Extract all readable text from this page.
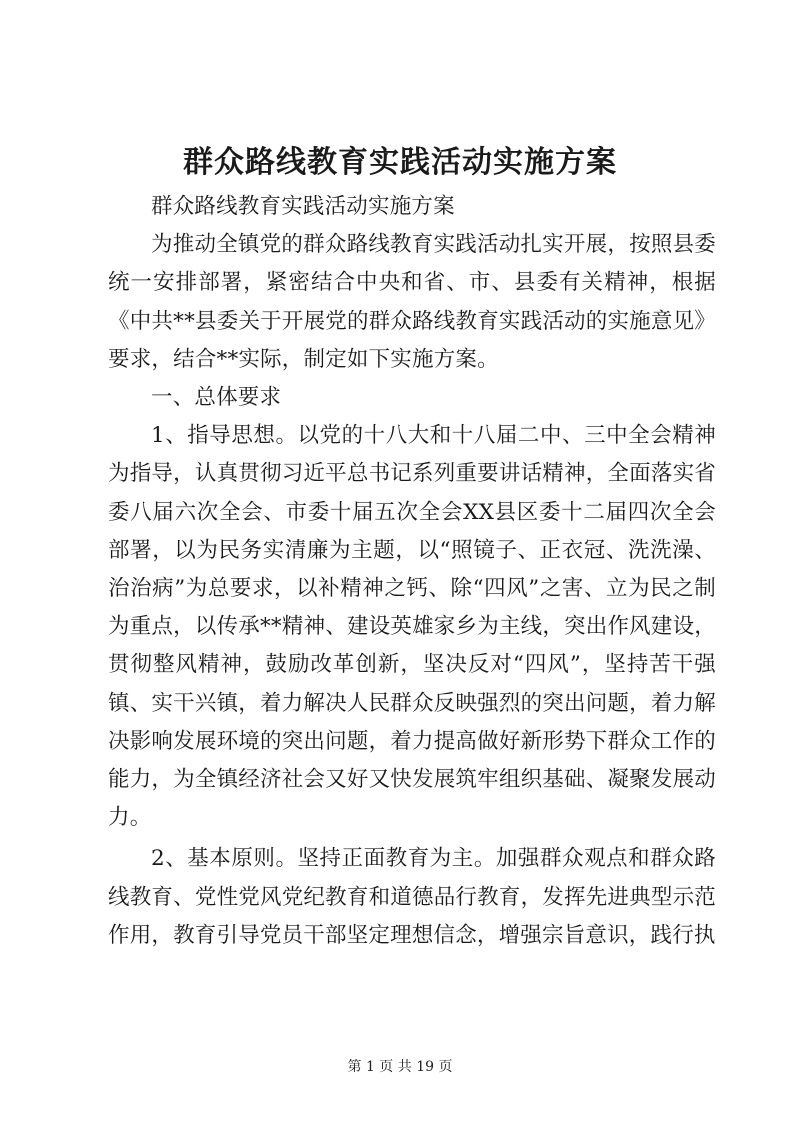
群众路线教育实践活动实施方案

群众路线教育实践活动实施方案

为推动全镇党的群众路线教育实践活动扎实开展，按照县委统一安排部署，紧密结合中央和省、市、县委有关精神，根据《中共**县委关于开展党的群众路线教育实践活动的实施意见》要求，结合**实际，制定如下实施方案。

一、总体要求

1、指导思想。以党的十八大和十八届二中、三中全会精神为指导，认真贯彻习近平总书记系列重要讲话精神，全面落实省委八届六次全会、市委十届五次全会XX县区委十二届四次全会部署，以为民务实清廉为主题，以“照镜子、正衣冠、洗洗澡、治治病”为总要求，以补精神之钙、除“四风”之害、立为民之制为重点，以传承**精神、建设英雄家乡为主线，突出作风建设，贯彻整风精神，鼓励改革创新，坚决反对“四风”，坚持苦干强镇、实干兴镇，着力解决人民群众反映强烈的突出问题，着力解决影响发展环境的突出问题，着力提高做好新形势下群众工作的能力，为全镇经济社会又好又快发展筑牢组织基础、凝聚发展动力。

2、基本原则。坚持正面教育为主。加强群众观点和群众路线教育、党性党风党纪教育和道德品行教育，发挥先进典型示范作用，教育引导党员干部坚定理想信念，增强宗旨意识，践行执

第 1 页 共 19 页
